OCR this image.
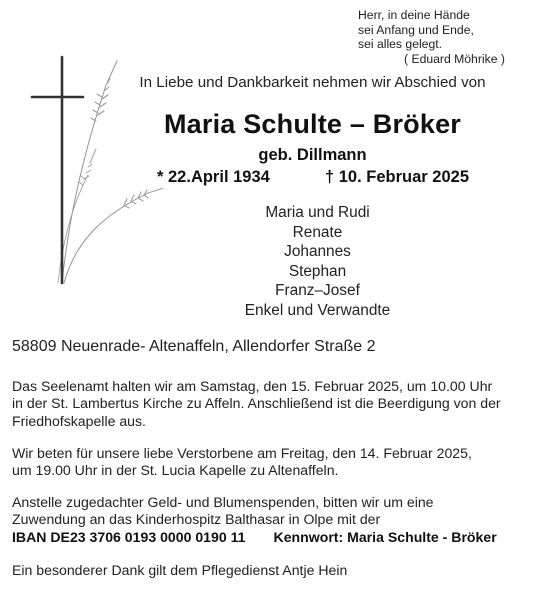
Herr, in deine Hände
sei Anfang und Ende,
sei alles gelegt.
( Eduard Möhrike )
In Liebe und Dankbarkeit nehmen wir Abschied von
Maria Schulte – Bröker
geb. Dillmann
* 22.April 1934	† 10. Februar 2025
Maria und Rudi
Renate
Johannes
Stephan
Franz–Josef
Enkel und Verwandte
58809 Neuenrade- Altenaffeln, Allendorfer Straße 2
Das Seelenamt halten wir am Samstag, den 15. Februar 2025, um 10.00 Uhr
in der St. Lambertus Kirche zu Affeln. Anschließend ist die Beerdigung von der
Friedhofskapelle aus.
Wir beten für unsere liebe Verstorbene am Freitag, den 14. Februar 2025,
um 19.00 Uhr in der St. Lucia Kapelle zu Altenaffeln.
Anstelle zugedachter Geld- und Blumenspenden, bitten wir um eine
Zuwendung an das Kinderhospitz Balthasar in Olpe mit der
IBAN DE23 3706 0193 0000 0190 11 Kennwort: Maria Schulte - Bröker
Ein besonderer Dank gilt dem Pflegedienst Antje Hein
